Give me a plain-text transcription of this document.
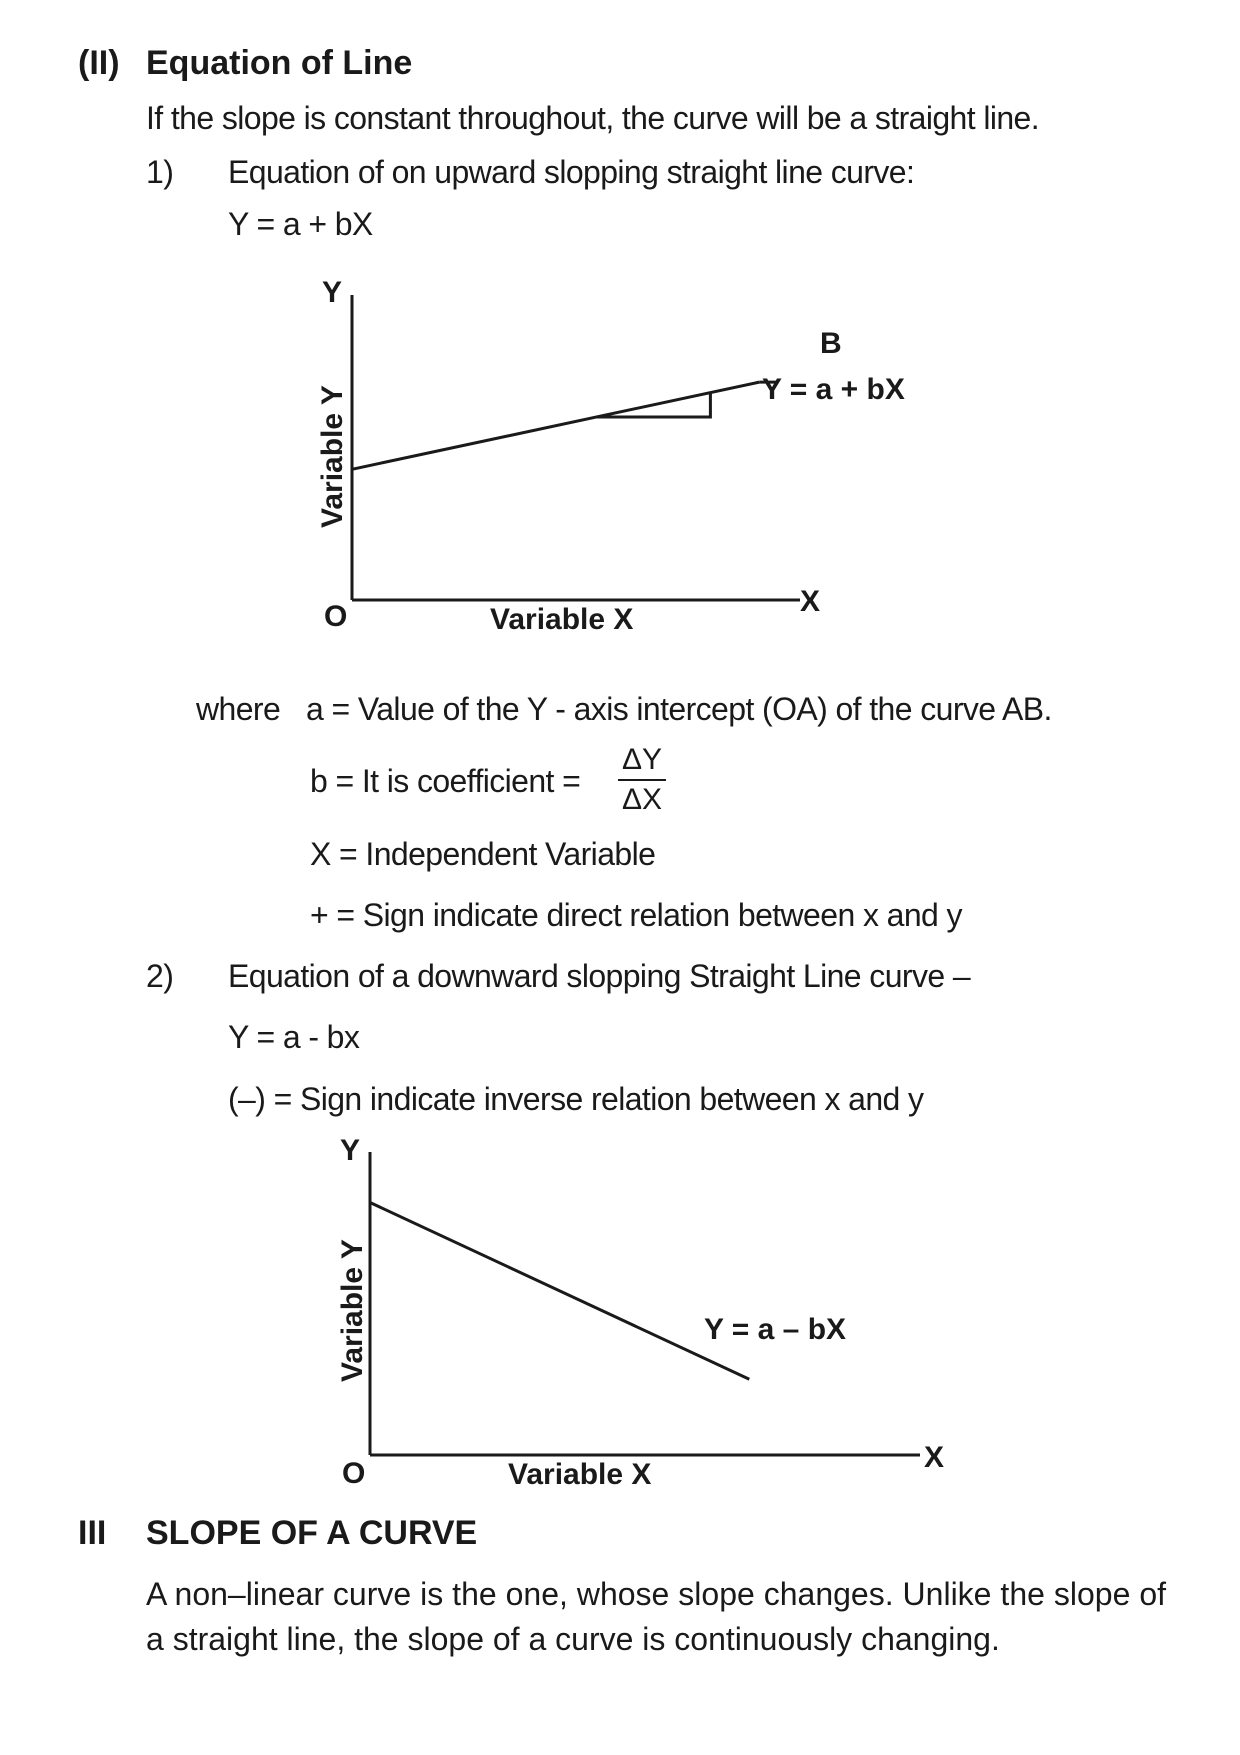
(II) Equation of Line
If the slope is constant throughout, the curve will be a straight line.
1) Equation of on upward slopping straight line curve:
Y = a + bX
Y
O	X
Variable X
Variable Y
B
Y = a + bX
where a = Value of the Y - axis intercept (OA) of the curve AB.
b = It is coefficient = $\frac{\Delta Y}{\Delta X}$
X = Independent Variable
+ = Sign indicate direct relation between x and y
2) Equation of a downward slopping Straight Line curve –
Y = a - bx
(–) = Sign indicate inverse relation between x and y
Y
O	X
Variable X
Variable Y	Y = a – bX
III SLOPE OF A CURVE
A non–linear curve is the one, whose slope changes. Unlike the slope of a straight line, the slope of a curve is continuously changing.
